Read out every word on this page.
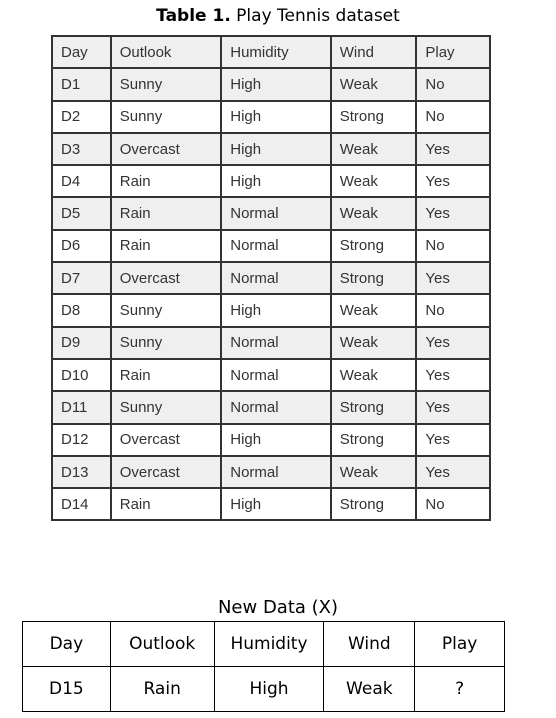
Table 1. Play Tennis dataset
Day	Outlook	Humidity	Wind	Play
D1	Sunny	High	Weak	No
D2	Sunny	High	Strong	No
D3	Overcast	High	Weak	Yes
D4	Rain	High	Weak	Yes
D5	Rain	Normal	Weak	Yes
D6	Rain	Normal	Strong	No
D7	Overcast	Normal	Strong	Yes
D8	Sunny	High	Weak	No
D9	Sunny	Normal	Weak	Yes
D10	Rain	Normal	Weak	Yes
D11	Sunny	Normal	Strong	Yes
D12	Overcast	High	Strong	Yes
D13	Overcast	Normal	Weak	Yes
D14	Rain	High	Strong	No
New Data (X)
Day	Outlook	Humidity	Wind	Play
D15	Rain	High	Weak	?
